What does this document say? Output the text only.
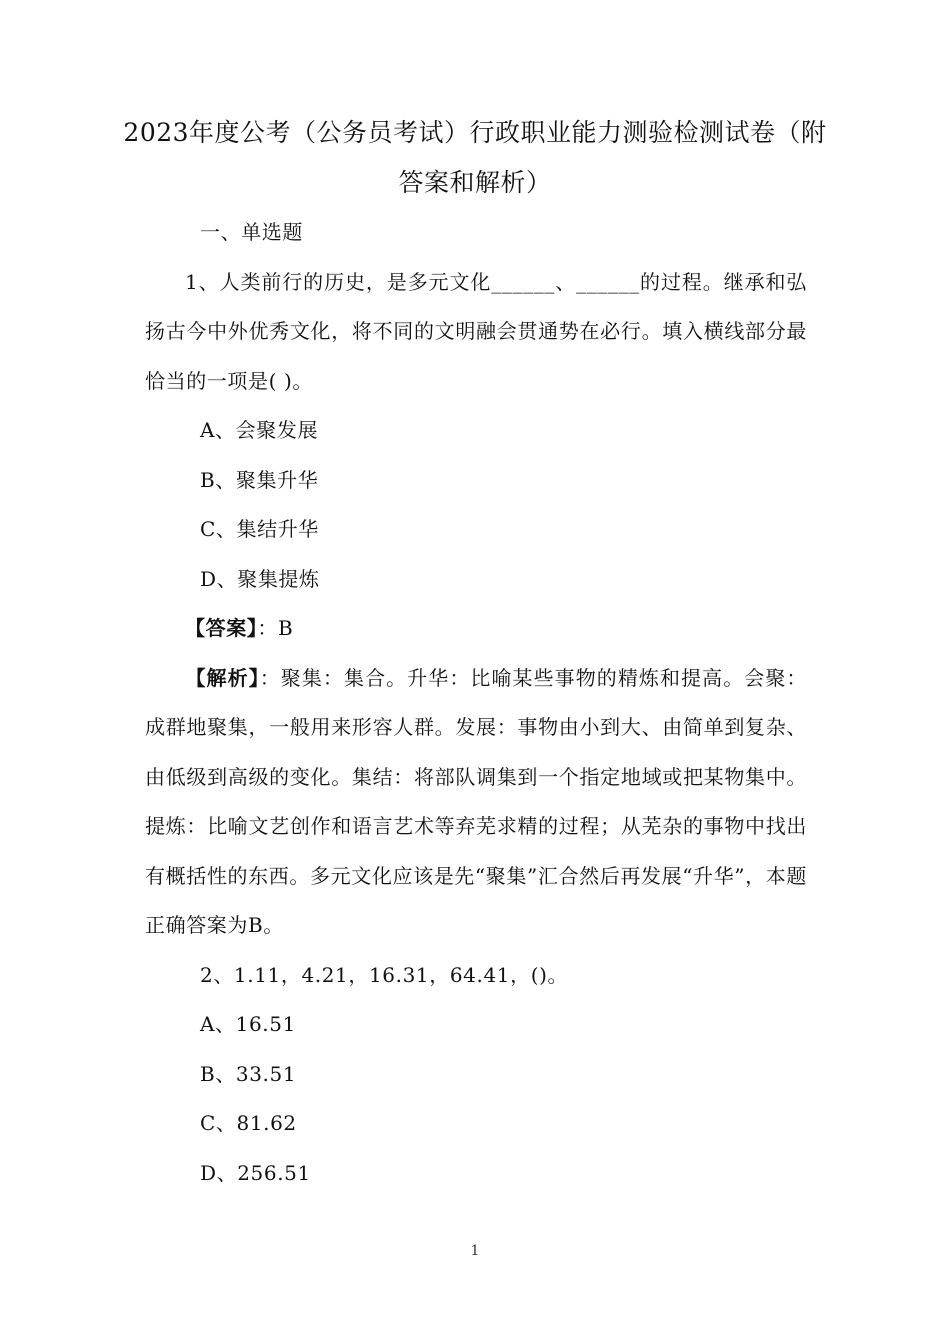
2023年度公考（公务员考试）行政职业能力测验检测试卷（附答案和解析）

一、单选题

1、人类前行的历史，是多元文化______、______的过程。继承和弘扬古今中外优秀文化，将不同的文明融会贯通势在必行。填入横线部分最恰当的一项是( )。

A、会聚发展

B、聚集升华

C、集结升华

D、聚集提炼

【答案】：B

【解析】：聚集：集合。升华：比喻某些事物的精炼和提高。会聚：成群地聚集，一般用来形容人群。发展：事物由小到大、由简单到复杂、由低级到高级的变化。集结：将部队调集到一个指定地域或把某物集中。提炼：比喻文艺创作和语言艺术等弃芜求精的过程；从芜杂的事物中找出有概括性的东西。多元文化应该是先“聚集”汇合然后再发展“升华”，本题正确答案为B。

2、1.11，4.21，16.31，64.41，()。

A、16.51

B、33.51

C、81.62

D、256.51

1
